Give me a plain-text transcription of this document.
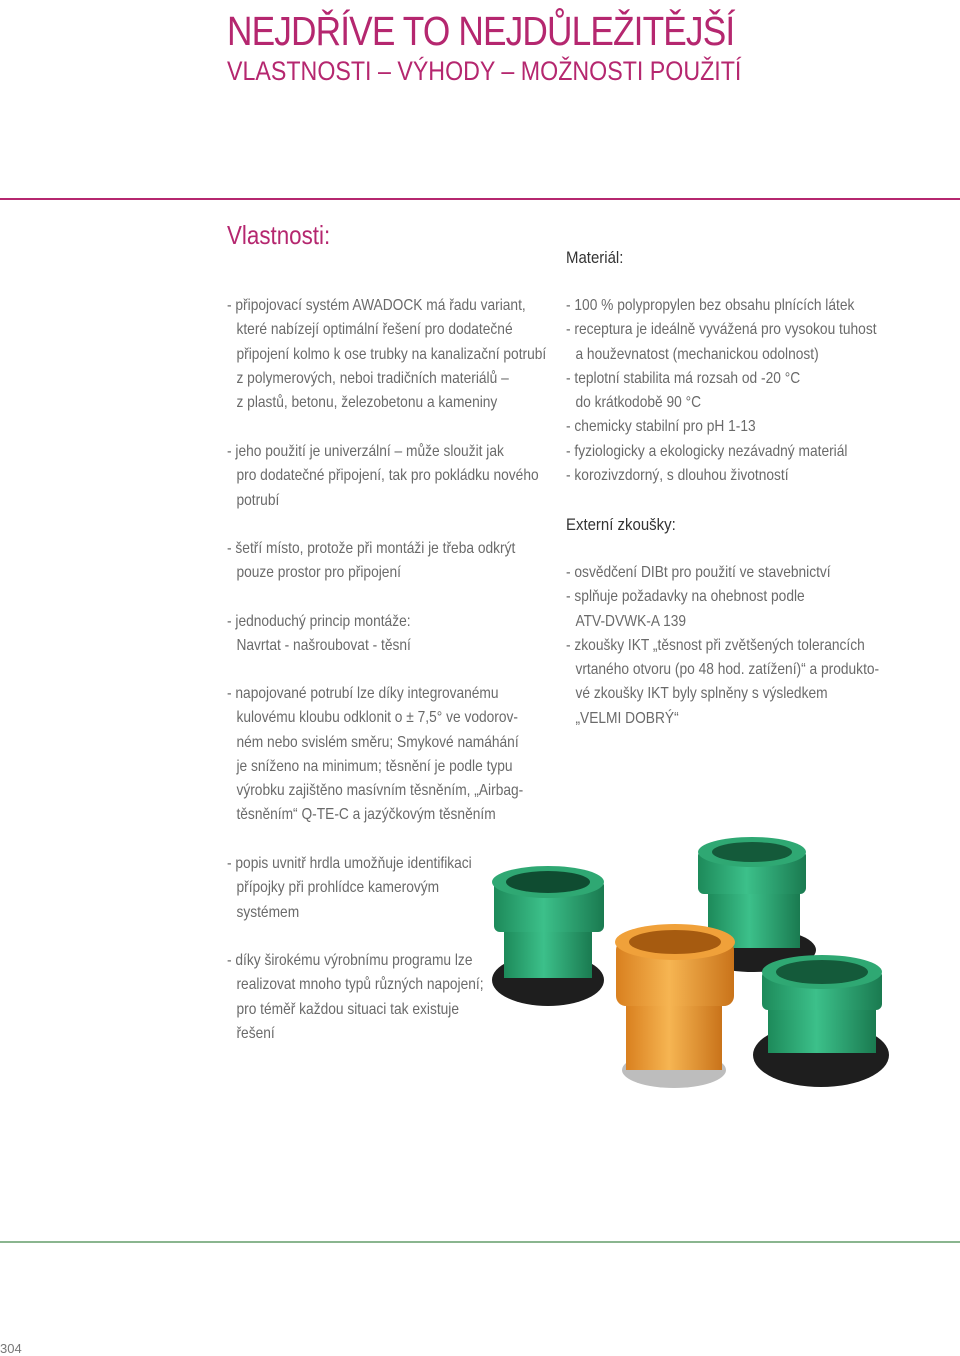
NEJDŘÍVE TO NEJDŮLEŽITĚJŠÍ
VLASTNOSTI – VÝHODY – MOŽNOSTI POUŽITÍ
Vlastnosti:
- připojovací systém AWADOCK má řadu variant,
které nabízejí optimální řešení pro dodatečné
připojení kolmo k ose trubky na kanalizační potrubí
z polymerových, neboi tradičních materiálů –
z plastů, betonu, železobetonu a kameniny
- jeho použití je univerzální – může sloužit jak
pro dodatečné připojení, tak pro pokládku nového
potrubí
- šetří místo, protože při montáži je třeba odkrýt
pouze prostor pro připojení
- jednoduchý princip montáže:
Navrtat - našroubovat - těsní
- napojované potrubí lze díky integrovanému
kulovému kloubu odklonit o ± 7,5° ve vodorov-
ném nebo svislém směru; Smykové namáhání
je sníženo na minimum; těsnění je podle typu
výrobku zajištěno masívním těsněním, „Airbag-
těsněním“ Q-TE-C a jazýčkovým těsněním
- popis uvnitř hrdla umožňuje identifikaci
přípojky při prohlídce kamerovým
systémem
- díky širokému výrobnímu programu lze
realizovat mnoho typů různých napojení;
pro téměř každou situaci tak existuje
řešení
Materiál:
- 100 % polypropylen bez obsahu plnících látek
- receptura je ideálně vyvážená pro vysokou tuhost
a houževnatost (mechanickou odolnost)
- teplotní stabilita má rozsah od -20 °C
do krátkodobě 90 °C
- chemicky stabilní pro pH 1-13
- fyziologicky a ekologicky nezávadný materiál
- korozivzdorný, s dlouhou životností
Externí zkoušky:
- osvědčení DIBt pro použití ve stavebnictví
- splňuje požadavky na ohebnost podle
ATV-DVWK-A 139
- zkoušky IKT „těsnost při zvětšených tolerancích
vrtaného otvoru (po 48 hod. zatížení)“ a produkto-
vé zkoušky IKT byly splněny s výsledkem
„VELMI DOBRÝ“
304
